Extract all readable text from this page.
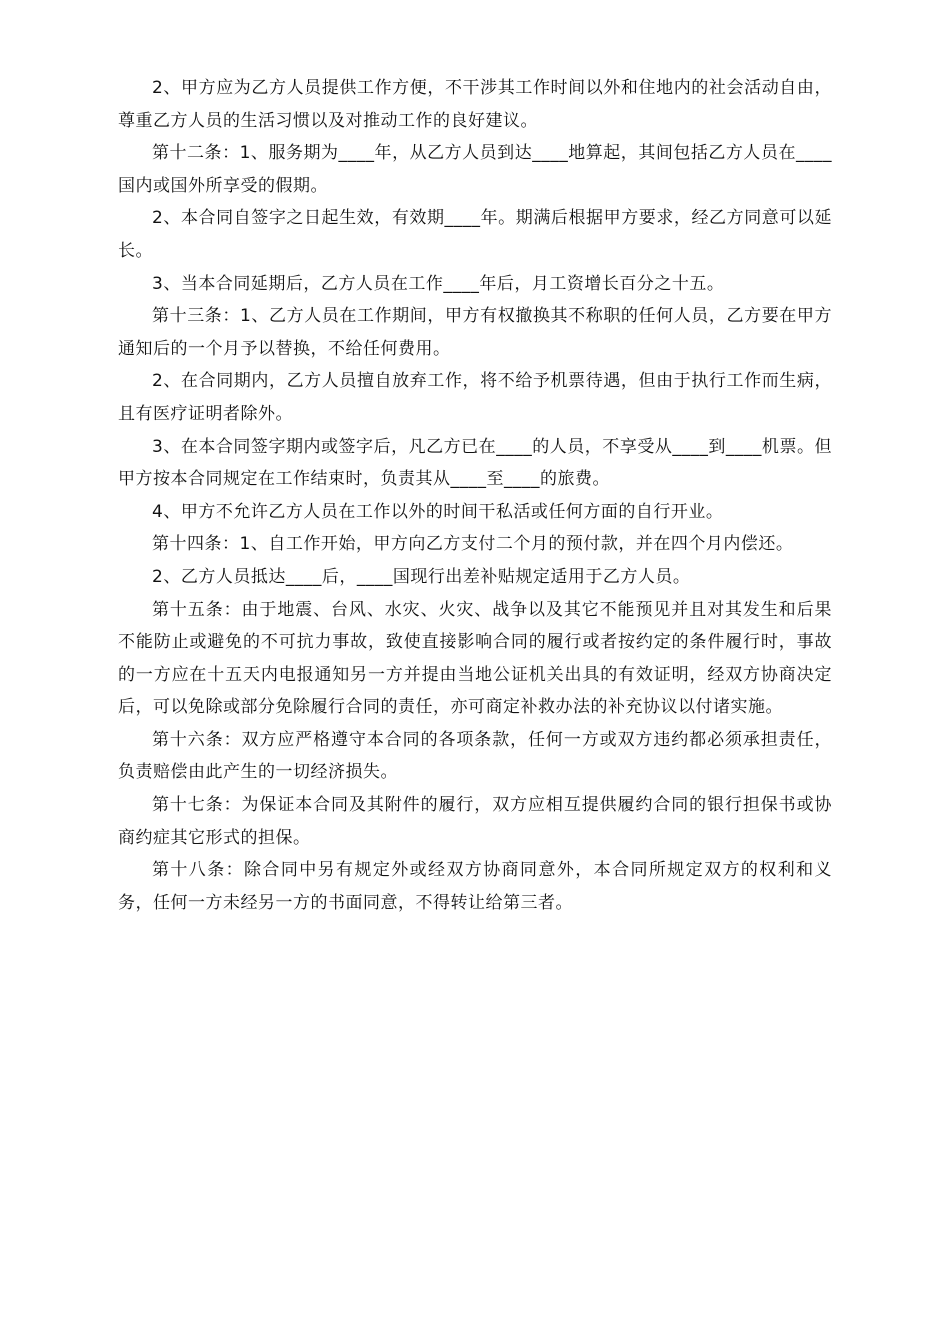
2、甲方应为乙方人员提供工作方便，不干涉其工作时间以外和住地内的社会活动自由，尊重乙方人员的生活习惯以及对推动工作的良好建议。

第十二条：1、服务期为____年，从乙方人员到达____地算起，其间包括乙方人员在____国内或国外所享受的假期。

2、本合同自签字之日起生效，有效期____年。期满后根据甲方要求，经乙方同意可以延长。

3、当本合同延期后，乙方人员在工作____年后，月工资增长百分之十五。

第十三条：1、乙方人员在工作期间，甲方有权撤换其不称职的任何人员，乙方要在甲方通知后的一个月予以替换，不给任何费用。

2、在合同期内，乙方人员擅自放弃工作，将不给予机票待遇，但由于执行工作而生病，且有医疗证明者除外。

3、在本合同签字期内或签字后，凡乙方已在____的人员，不享受从____到____机票。但甲方按本合同规定在工作结束时，负责其从____至____的旅费。

4、甲方不允许乙方人员在工作以外的时间干私活或任何方面的自行开业。

第十四条：1、自工作开始，甲方向乙方支付二个月的预付款，并在四个月内偿还。

2、乙方人员抵达____后，____国现行出差补贴规定适用于乙方人员。

第十五条：由于地震、台风、水灾、火灾、战争以及其它不能预见并且对其发生和后果不能防止或避免的不可抗力事故，致使直接影响合同的履行或者按约定的条件履行时，事故的一方应在十五天内电报通知另一方并提由当地公证机关出具的有效证明，经双方协商决定后，可以免除或部分免除履行合同的责任，亦可商定补救办法的补充协议以付诸实施。

第十六条：双方应严格遵守本合同的各项条款，任何一方或双方违约都必须承担责任，负责赔偿由此产生的一切经济损失。

第十七条：为保证本合同及其附件的履行，双方应相互提供履约合同的银行担保书或协商约症其它形式的担保。

第十八条：除合同中另有规定外或经双方协商同意外，本合同所规定双方的权利和义务，任何一方未经另一方的书面同意，不得转让给第三者。
